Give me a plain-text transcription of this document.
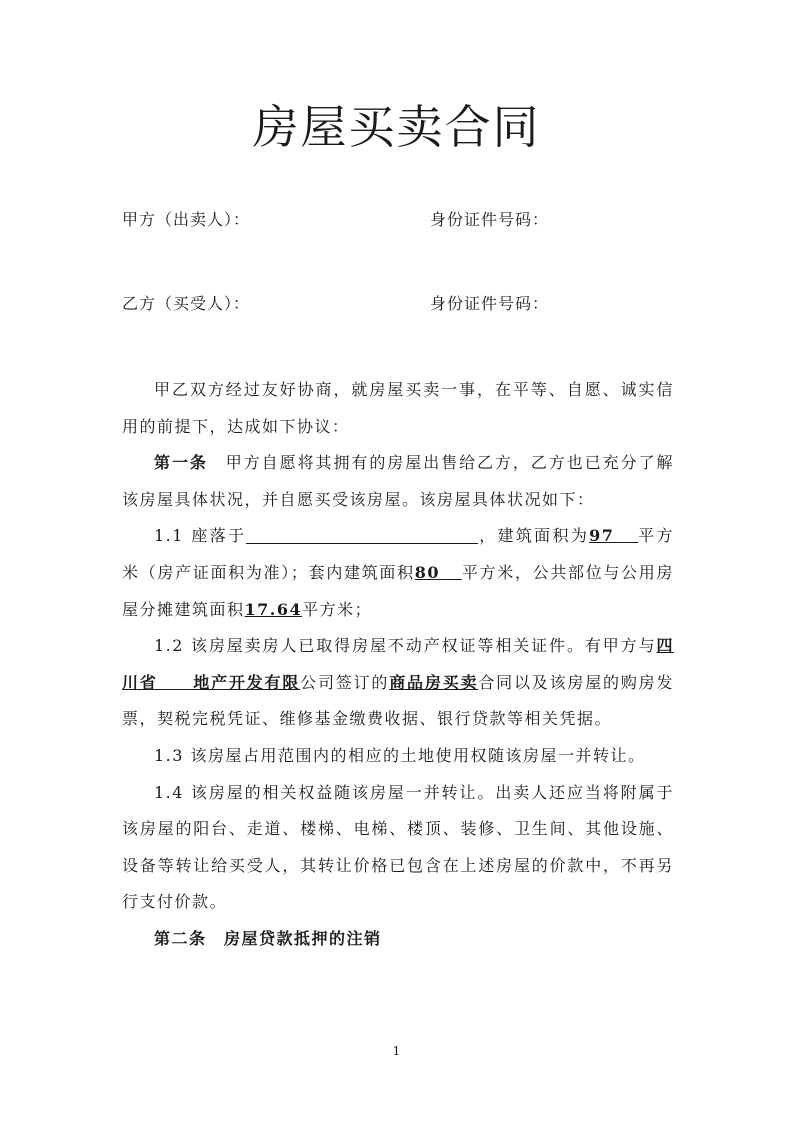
房屋买卖合同
甲方（出卖人）：	身份证件号码：
乙方（买受人）：	身份证件号码：

甲乙双方经过友好协商，就房屋买卖一事，在平等、自愿、诚实信用的前提下，达成如下协议：

第一条　 甲方自愿将其拥有的房屋出售给乙方，乙方也已充分了解该房屋具体状况，并自愿买受该房屋。该房屋具体状况如下：

1.1 座落于	，建筑面积为97 平方米（房产证面积为准）；套内建筑面积80 平方米，公共部位与公用房屋分摊建筑面积17.64平方米；

1.2 该房屋卖房人已取得房屋不动产权证等相关证件。有甲方与四川省　　地产开发有限公司签订的商品房买卖合同以及该房屋的购房发票，契税完税凭证、维修基金缴费收据、银行贷款等相关凭据。

1.3 该房屋占用范围内的相应的土地使用权随该房屋一并转让。

1.4 该房屋的相关权益随该房屋一并转让。出卖人还应当将附属于该房屋的阳台、走道、楼梯、电梯、楼顶、装修、卫生间、其他设施、设备等转让给买受人，其转让价格已包含在上述房屋的价款中，不再另行支付价款。

第二条　 房屋贷款抵押的注销

1
